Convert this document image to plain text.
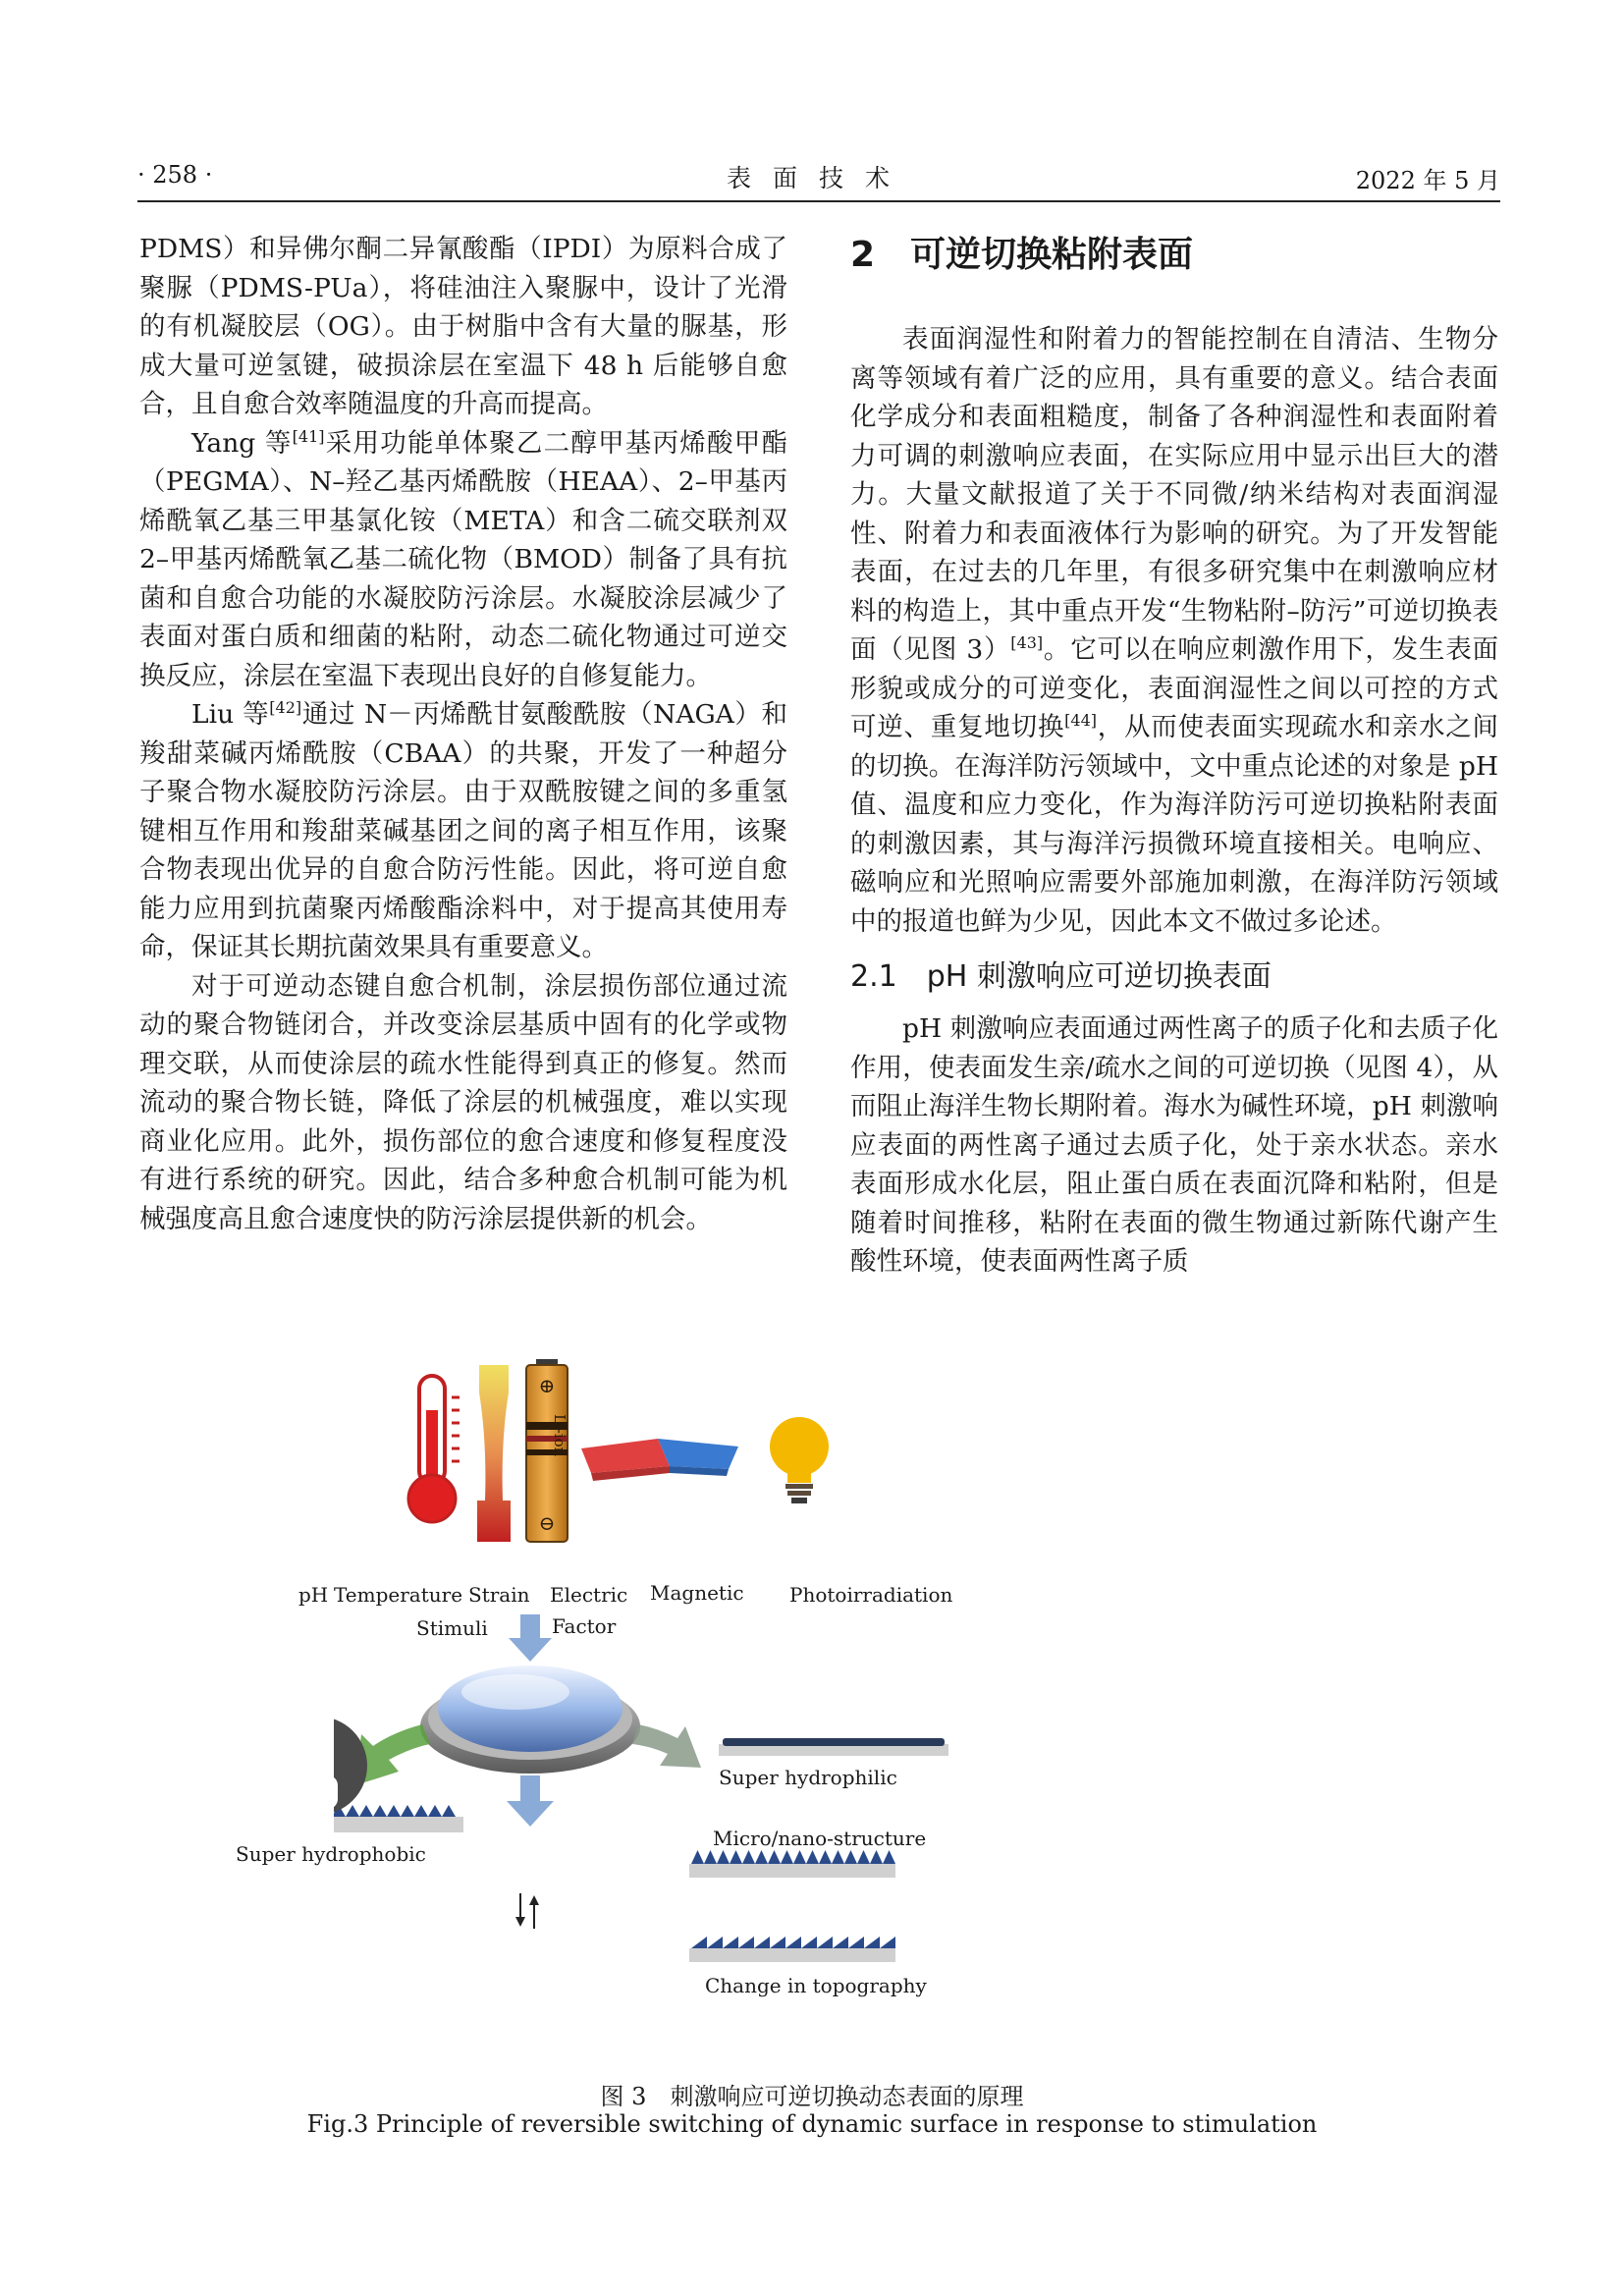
· 258 ·	表面技术	2022 年 5 月

PDMS）和异佛尔酮二异氰酸酯（IPDI）为原料合成了聚脲（PDMS-PUa），将硅油注入聚脲中，设计了光滑的有机凝胶层（OG）。由于树脂中含有大量的脲基，形成大量可逆氢键，破损涂层在室温下 48 h 后能够自愈合，且自愈合效率随温度的升高而提高。

Yang 等[41]采用功能单体聚乙二醇甲基丙烯酸甲酯（PEGMA）、N–羟乙基丙烯酰胺（HEAA）、2–甲基丙烯酰氧乙基三甲基氯化铵（META）和含二硫交联剂双 2–甲基丙烯酰氧乙基二硫化物（BMOD）制备了具有抗菌和自愈合功能的水凝胶防污涂层。水凝胶涂层减少了表面对蛋白质和细菌的粘附，动态二硫化物通过可逆交换反应，涂层在室温下表现出良好的自修复能力。

Liu 等[42]通过 N－丙烯酰甘氨酸酰胺（NAGA）和羧甜菜碱丙烯酰胺（CBAA）的共聚，开发了一种超分子聚合物水凝胶防污涂层。由于双酰胺键之间的多重氢键相互作用和羧甜菜碱基团之间的离子相互作用，该聚合物表现出优异的自愈合防污性能。因此，将可逆自愈能力应用到抗菌聚丙烯酸酯涂料中，对于提高其使用寿命，保证其长期抗菌效果具有重要意义。

对于可逆动态键自愈合机制，涂层损伤部位通过流动的聚合物链闭合，并改变涂层基质中固有的化学或物理交联，从而使涂层的疏水性能得到真正的修复。然而流动的聚合物长链，降低了涂层的机械强度，难以实现商业化应用。此外，损伤部位的愈合速度和修复程度没有进行系统的研究。因此，结合多种愈合机制可能为机械强度高且愈合速度快的防污涂层提供新的机会。

2　可逆切换粘附表面

表面润湿性和附着力的智能控制在自清洁、生物分离等领域有着广泛的应用，具有重要的意义。结合表面化学成分和表面粗糙度，制备了各种润湿性和表面附着力可调的刺激响应表面，在实际应用中显示出巨大的潜力。大量文献报道了关于不同微/纳米结构对表面润湿性、附着力和表面液体行为影响的研究。为了开发智能表面，在过去的几年里，有很多研究集中在刺激响应材料的构造上，其中重点开发“生物粘附–防污”可逆切换表面（见图 3）[43]。它可以在响应刺激作用下，发生表面形貌或成分的可逆变化，表面润湿性之间以可控的方式可逆、重复地切换[44]，从而使表面实现疏水和亲水之间的切换。在海洋防污领域中，文中重点论述的对象是 pH 值、温度和应力变化，作为海洋防污可逆切换粘附表面的刺激因素，其与海洋污损微环境直接相关。电响应、磁响应和光照响应需要外部施加刺激，在海洋防污领域中的报道也鲜为少见，因此本文不做过多论述。

2.1　pH 刺激响应可逆切换表面

pH 刺激响应表面通过两性离子的质子化和去质子化作用，使表面发生亲/疏水之间的可逆切换（见图 4），从而阻止海洋生物长期附着。海水为碱性环境，pH 刺激响应表面的两性离子通过去质子化，处于亲水状态。亲水表面形成水化层，阻止蛋白质在表面沉降和粘附，但是随着时间推移，粘附在表面的微生物通过新陈代谢产生酸性环境，使表面两性离子质

⊕
⊖
Li-ion
pH Temperature Strain Electric Magnetic Photoirradiation
Stimuli	Factor
Super hydrophobic
Super hydrophilic
Micro/nano-structure
Change in topography
图 3　刺激响应可逆切换动态表面的原理
Fig.3 Principle of reversible switching of dynamic surface in response to stimulation
